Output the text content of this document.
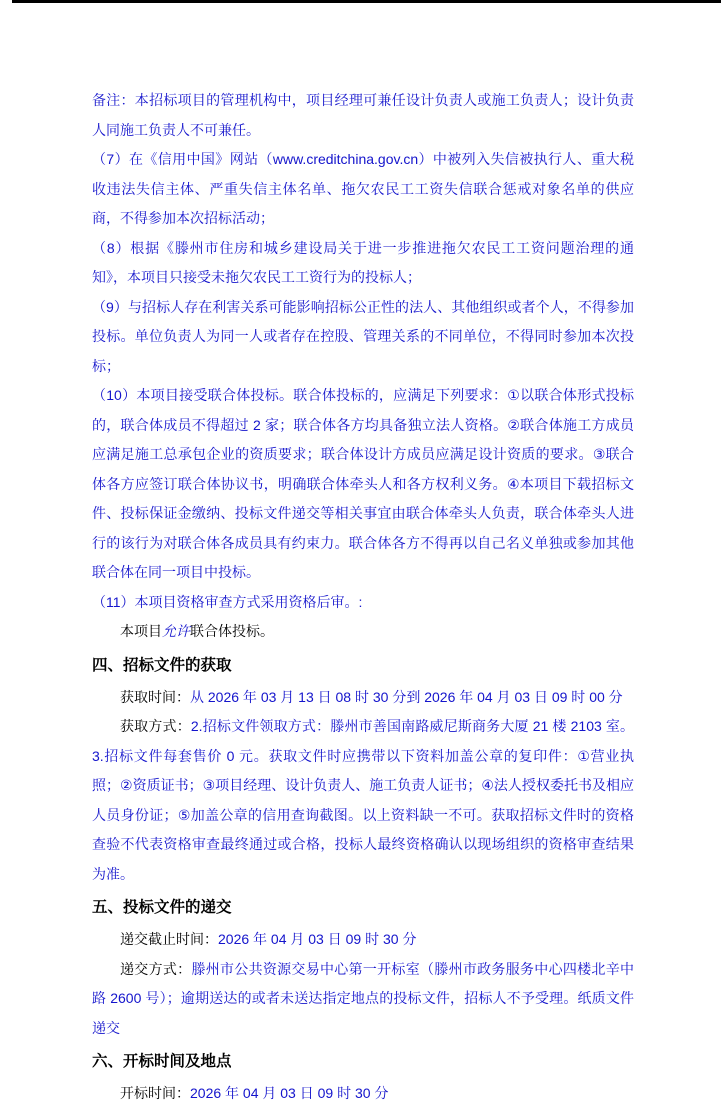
备注：本招标项目的管理机构中，项目经理可兼任设计负责人或施工负责人；设计负责人同施工负责人不可兼任。
（7）在《信用中国》网站（www.creditchina.gov.cn）中被列入失信被执行人、重大税收违法失信主体、严重失信主体名单、拖欠农民工工资失信联合惩戒对象名单的供应商，不得参加本次招标活动；
（8）根据《滕州市住房和城乡建设局关于进一步推进拖欠农民工工资问题治理的通知》，本项目只接受未拖欠农民工工资行为的投标人；
（9）与招标人存在利害关系可能影响招标公正性的法人、其他组织或者个人，不得参加投标。单位负责人为同一人或者存在控股、管理关系的不同单位，不得同时参加本次投标；
（10）本项目接受联合体投标。联合体投标的，应满足下列要求：①以联合体形式投标的，联合体成员不得超过 2 家；联合体各方均具备独立法人资格。②联合体施工方成员应满足施工总承包企业的资质要求；联合体设计方成员应满足设计资质的要求。③联合体各方应签订联合体协议书，明确联合体牵头人和各方权利义务。④本项目下载招标文件、投标保证金缴纳、投标文件递交等相关事宜由联合体牵头人负责，联合体牵头人进行的该行为对联合体各成员具有约束力。联合体各方不得再以自己名义单独或参加其他联合体在同一项目中投标。
（11）本项目资格审查方式采用资格后审。:
本项目允许联合体投标。
四、招标文件的获取
获取时间：从 2026 年 03 月 13 日 08 时 30 分到 2026 年 04 月 03 日 09 时 00 分
获取方式：2.招标文件领取方式：滕州市善国南路威尼斯商务大厦 21 楼 2103 室。3.招标文件每套售价 0 元。获取文件时应携带以下资料加盖公章的复印件：①营业执照；②资质证书；③项目经理、设计负责人、施工负责人证书；④法人授权委托书及相应人员身份证；⑤加盖公章的信用查询截图。以上资料缺一不可。获取招标文件时的资格查验不代表资格审查最终通过或合格，投标人最终资格确认以现场组织的资格审查结果为准。
五、投标文件的递交
递交截止时间：2026 年 04 月 03 日 09 时 30 分
递交方式：滕州市公共资源交易中心第一开标室（滕州市政务服务中心四楼北辛中路 2600 号）；逾期送达的或者未送达指定地点的投标文件，招标人不予受理。纸质文件递交
六、开标时间及地点
开标时间：2026 年 04 月 03 日 09 时 30 分
